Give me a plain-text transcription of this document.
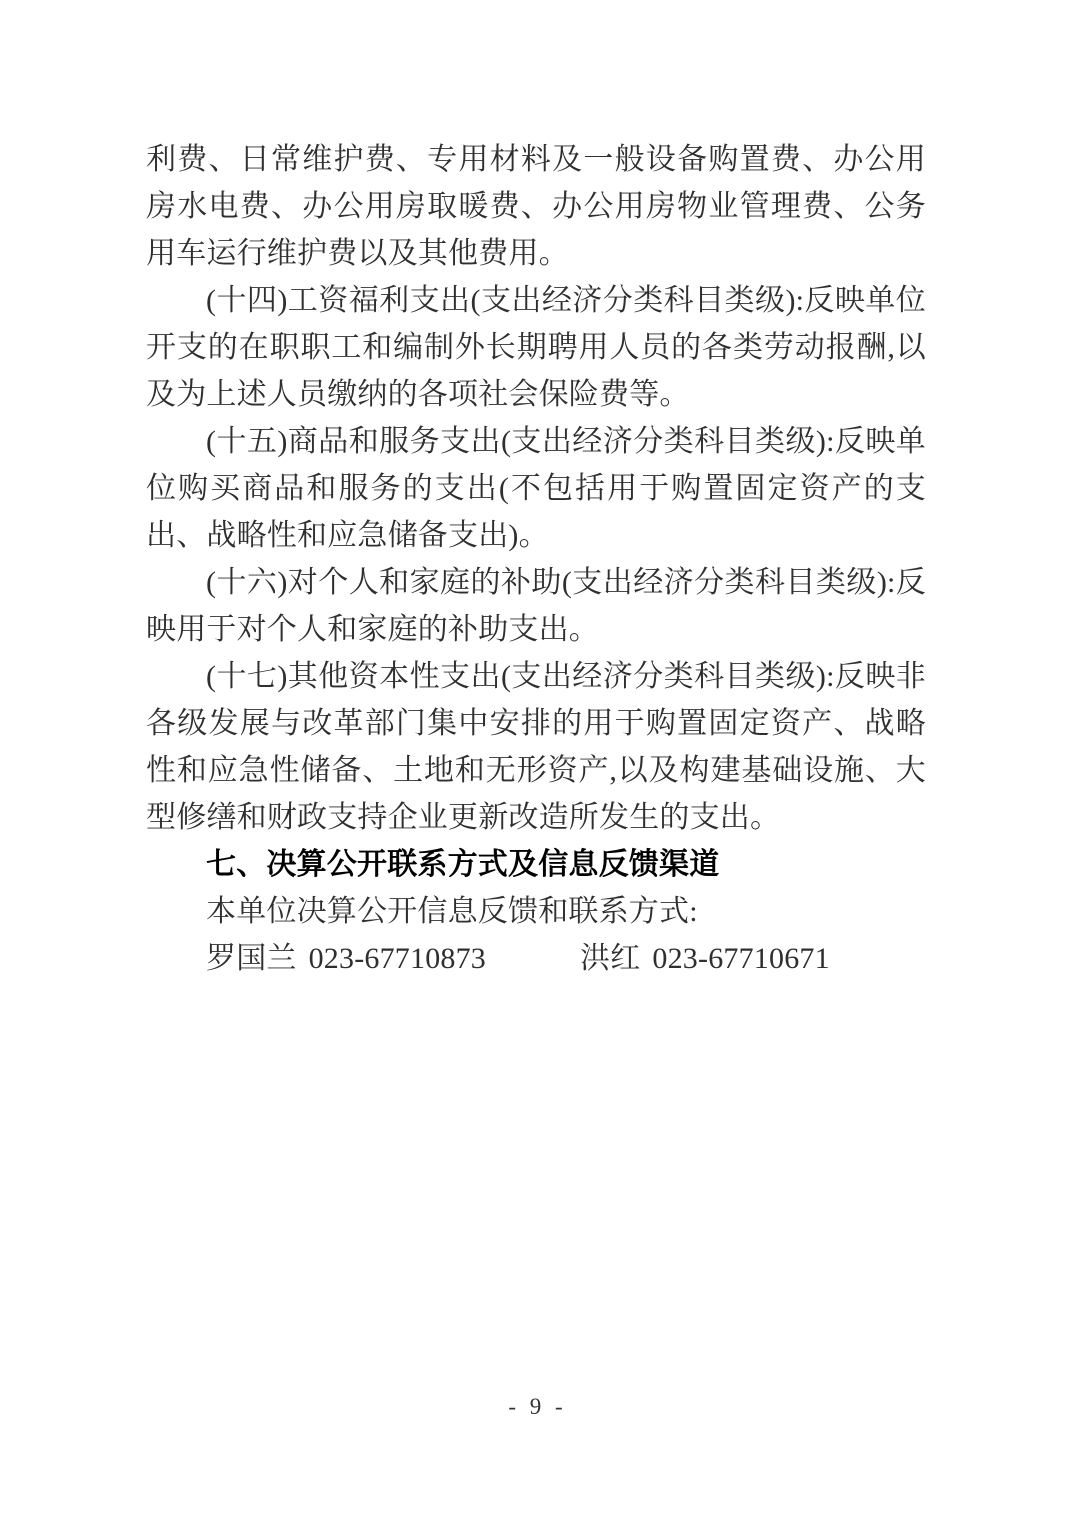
利费、日常维护费、专用材料及一般设备购置费、办公用房水电费、办公用房取暖费、办公用房物业管理费、公务用车运行维护费以及其他费用。

(十四)工资福利支出(支出经济分类科目类级):反映单位开支的在职职工和编制外长期聘用人员的各类劳动报酬,以及为上述人员缴纳的各项社会保险费等。

(十五)商品和服务支出(支出经济分类科目类级):反映单位购买商品和服务的支出(不包括用于购置固定资产的支出、战略性和应急储备支出)。

(十六)对个人和家庭的补助(支出经济分类科目类级):反映用于对个人和家庭的补助支出。

(十七)其他资本性支出(支出经济分类科目类级):反映非各级发展与改革部门集中安排的用于购置固定资产、战略性和应急性储备、土地和无形资产,以及构建基础设施、大型修缮和财政支持企业更新改造所发生的支出。

七、决算公开联系方式及信息反馈渠道

本单位决算公开信息反馈和联系方式:

罗国兰 023-67710873	洪红 023-67710671

- 9 -
